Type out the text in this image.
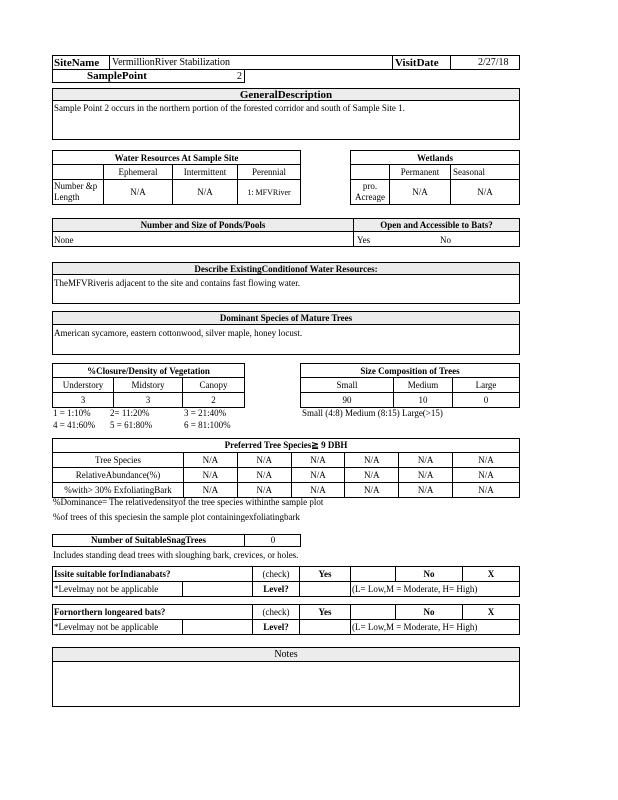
SiteName VermillionRiver Stabilization	VisitDate	2/27/18
SamplePoint	2
GeneralDescription
Sample Point 2 occurs in the northern portion of the forested corridor and south of Sample Site 1.
Water Resources At Sample Site			
	Ephemeral	Intermittent	Perennial

Number &p
Length	N/A	N/A	1: MFVRiver
Wetlands		
	Permanent	Seasonal

pro.
Acreage	N/A	N/A
Number and Size of Ponds/Pools	Open and Accessible to Bats?
None	Yes	No
Describe ExistingConditionof Water Resources:
TheMFVRiveris adjacent to the site and contains fast flowing water.
Dominant Species of Mature Trees
American sycamore, eastern cottonwood, silver maple, honey locust.
%Closure/Density of Vegetation		
Understory	Midstory	Canopy
3	3	2
1 = 1:10% 2= 11:20%	3 = 21:40%
4 = 41:60% 5 = 61:80%	6 = 81:100%
Size Composition of Trees		
Small	Medium	Large
90	10	0
Small (4:8) Medium (8:15) Large(>15)
Preferred Tree Species≧ 9 DBH						
Tree Species	N/A	N/A	N/A	N/A	N/A	N/A
RelativeAbundance(%)	N/A	N/A	N/A	N/A	N/A	N/A
%with> 30% ExfoliatingBark	N/A	N/A	N/A	N/A	N/A	N/A
%Dominance= The relativedensityof the tree species withinthe sample plot
%of trees of this speciesin the sample plot containingexfoliatingbark
Number of SuitableSnagTrees	0
Includes standing dead trees with sloughing bark, crevices, or holes.
Issite suitable forIndianabats?		(check)	Yes		No	X
*Levelmay not be applicable		Level?		(L= Low,M = Moderate, H= High)		

Fornorthern longeared bats?		(check)	Yes		No	X
*Levelmay not be applicable		Level?		(L= Low,M = Moderate, H= High)		
Notes
